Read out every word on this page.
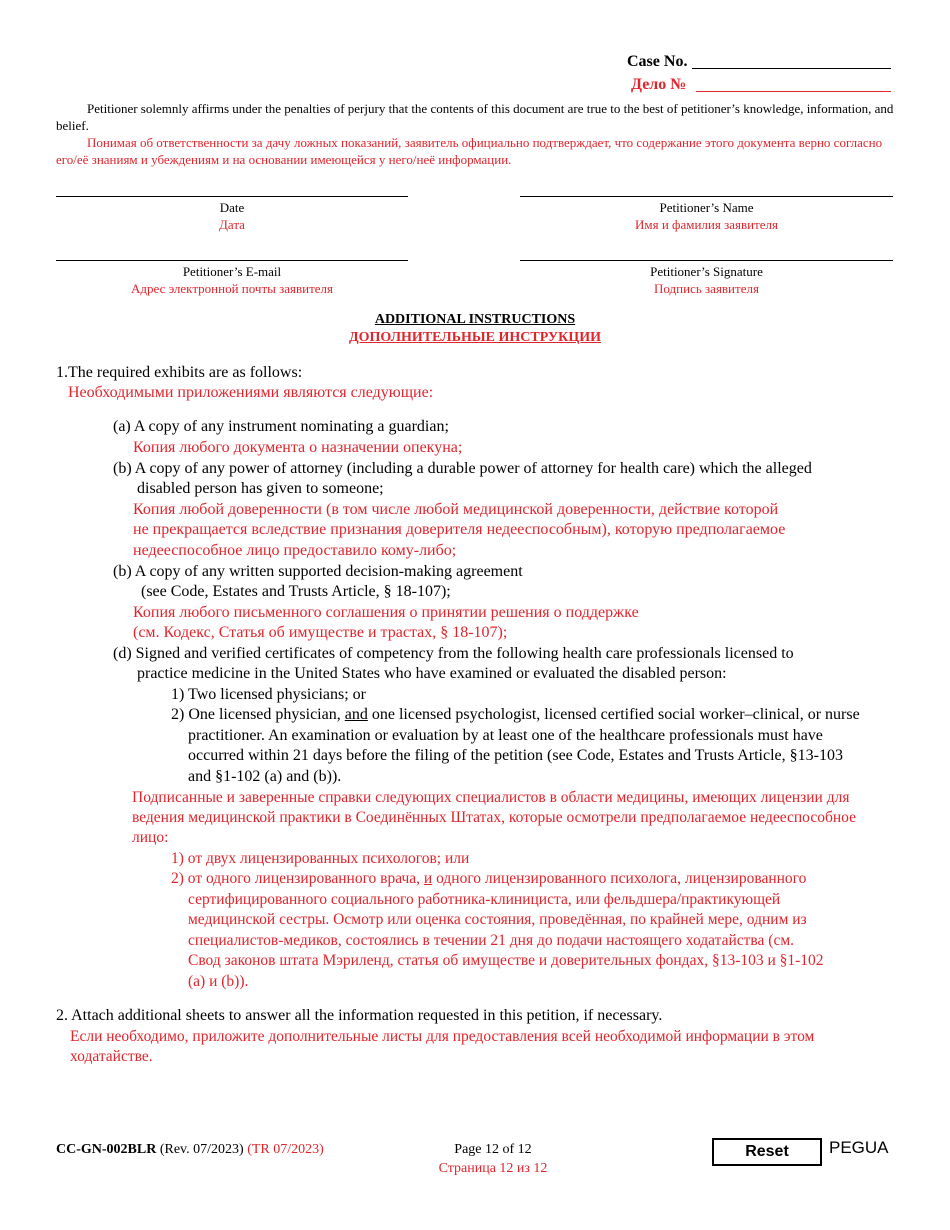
Case No.
Дело №
Petitioner solemnly affirms under the penalties of perjury that the contents of this document are true to the best of petitioner’s knowledge, information, and belief.
Понимая об ответственности за дачу ложных показаний, заявитель официально подтверждает, что содержание этого документа верно согласно его/её знаниям и убеждениям и на основании имеющейся у него/неё информации.
Date
Дата
Petitioner’s Name
Имя и фамилия заявителя
Petitioner’s E-mail
Адрес электронной почты заявителя
Petitioner’s Signature
Подпись заявителя
ADDITIONAL INSTRUCTIONS
ДОПОЛНИТЕЛЬНЫЕ ИНСТРУКЦИИ
1.The required exhibits are as follows:
Необходимыми приложениями являются следующие:
(a) A copy of any instrument nominating a guardian;
Копия любого документа о назначении опекуна;
(b) A copy of any power of attorney (including a durable power of attorney for health care) which the alleged
disabled person has given to someone;
Копия любой доверенности (в том числе любой медицинской доверенности, действие которой
не прекращается вследствие признания доверителя недееспособным), которую предполагаемое
недееспособное лицо предоставило кому-либо;
(b) A copy of any written supported decision-making agreement
(see Code, Estates and Trusts Article, § 18-107);
Копия любого письменного соглашения о принятии решения о поддержке
(см. Кодекс, Статья об имуществе и трастах, § 18-107);
(d) Signed and verified certificates of competency from the following health care professionals licensed to
practice medicine in the United States who have examined or evaluated the disabled person:
1) Two licensed physicians; or
2) One licensed physician, and one licensed psychologist, licensed certified social worker–clinical, or nurse
practitioner. An examination or evaluation by at least one of the healthcare professionals must have
occurred within 21 days before the filing of the petition (see Code, Estates and Trusts Article, §13-103
and §1-102 (a) and (b)).
Подписанные и заверенные справки следующих специалистов в области медицины, имеющих лицензии для
ведения медицинской практики в Соединённых Штатах, которые осмотрели предполагаемое недееспособное
лицо:
1) от двух лицензированных психологов; или
2) от одного лицензированного врача, и одного лицензированного психолога, лицензированного
сертифицированного социального работника-клинициста, или фельдшера/практикующей
медицинской сестры. Осмотр или оценка состояния, проведённая, по крайней мере, одним из
специалистов-медиков, состоялись в течении 21 дня до подачи настоящего ходатайства (см.
Свод законов штата Мэриленд, статья об имуществе и доверительных фондах, §13-103 и §1-102
(a) и (b)).
2. Attach additional sheets to answer all the information requested in this petition, if necessary.
Если необходимо, приложите дополнительные листы для предоставления всей необходимой информации в этом
ходатайстве.
CC-GN-002BLR (Rev. 07/2023) (TR 07/2023)	Page 12 of 12
Страница 12 из 12
Reset	PEGUA
